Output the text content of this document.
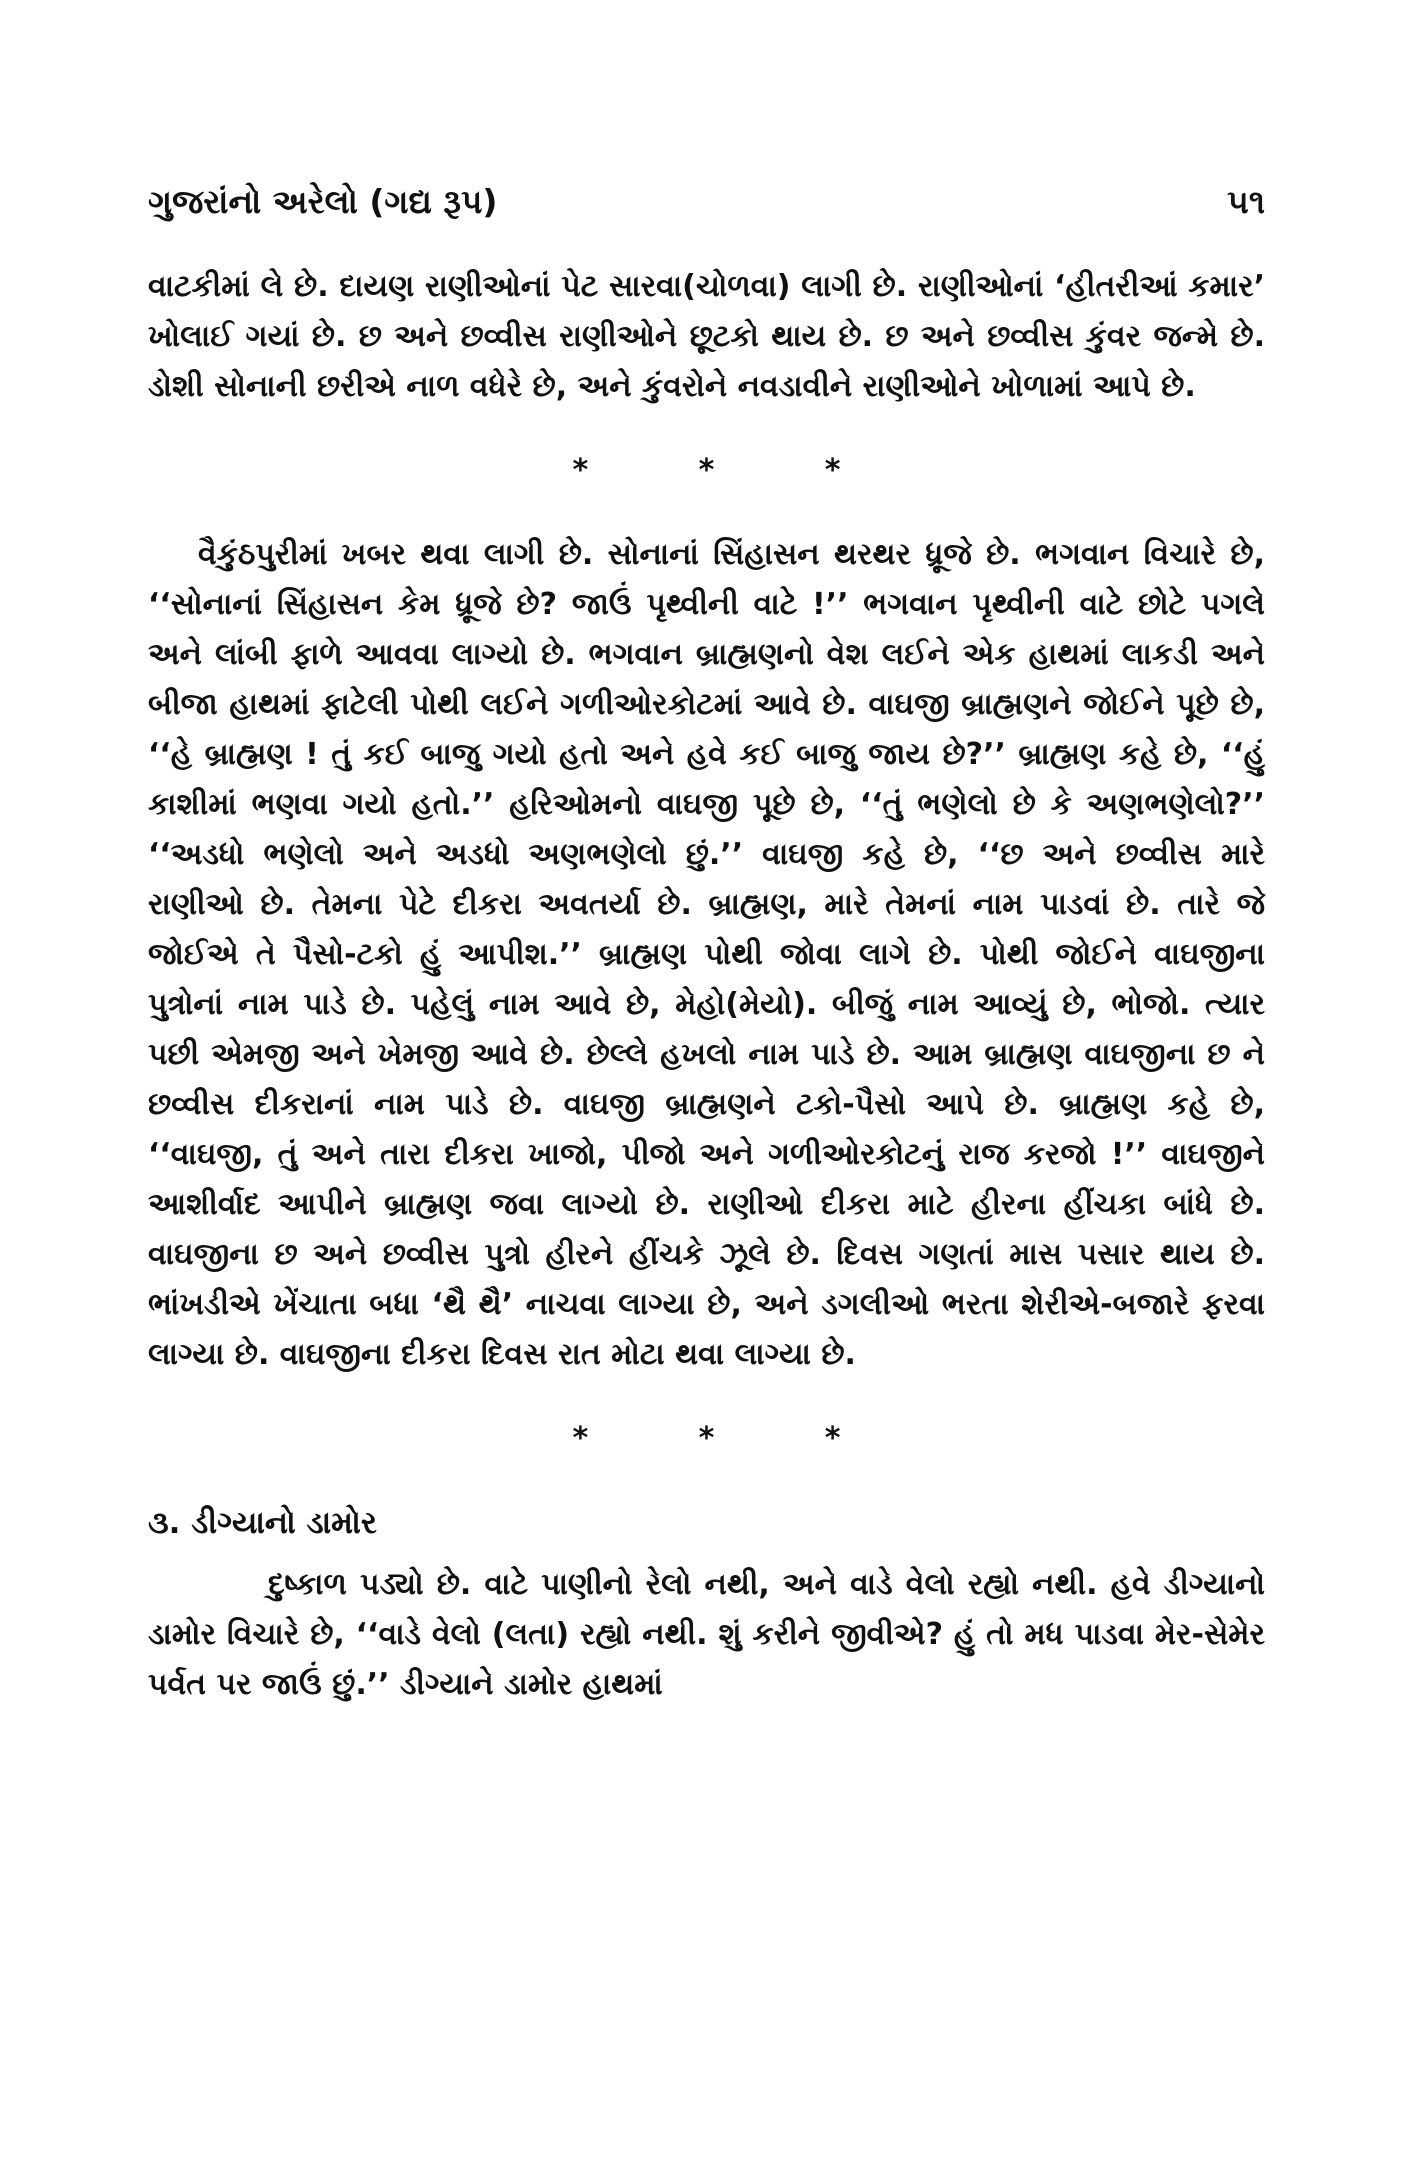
ગુજરાંનો અરેલો (ગદ્ય રૂપ)	૫૧

વાટકીમાં લે છે. દાયણ રાણીઓનાં પેટ સારવા(ચોળવા) લાગી છે. રાણીઓનાં ‘હીતરીઆં કમાર’ ખોલાઈ ગયાં છે. છ અને છવ્વીસ રાણીઓને છૂટકો થાય છે. છ અને છવ્વીસ કુંવર જન્મે છે. ડોશી સોનાની છરીએ નાળ વધેરે છે, અને કુંવરોને નવડાવીને રાણીઓને ખોળામાં આપે છે.

* * *

વૈકુંઠપુરીમાં ખબર થવા લાગી છે. સોનાનાં સિંહાસન થરથર ધ્રૂજે છે. ભગવાન વિચારે છે, ‘‘સોનાનાં સિંહાસન કેમ ધ્રૂજે છે? જાઉં પૃથ્વીની વાટે !’’ ભગવાન પૃથ્વીની વાટે છોટે પગલે અને લાંબી ફાળે આવવા લાગ્યો છે. ભગવાન બ્રાહ્મણનો વેશ લઈને એક હાથમાં લાકડી અને બીજા હાથમાં ફાટેલી પોથી લઈને ગળીઓરકોટમાં આવે છે. વાઘજી બ્રાહ્મણને જોઈને પૂછે છે, ‘‘હે બ્રાહ્મણ ! તું કઈ બાજુ ગયો હતો અને હવે કઈ બાજુ જાય છે?’’ બ્રાહ્મણ કહે છે, ‘‘હું કાશીમાં ભણવા ગયો હતો.’’ હરિઓમનો વાઘજી પૂછે છે, ‘‘તું ભણેલો છે કે અણભણેલો?’’ ‘‘અડધો ભણેલો અને અડધો અણભણેલો છું.’’ વાઘજી કહે છે, ‘‘છ અને છવ્વીસ મારે રાણીઓ છે. તેમના પેટે દીકરા અવતર્યા છે. બ્રાહ્મણ, મારે તેમનાં નામ પાડવાં છે. તારે જે જોઈએ તે પૈસો-ટકો હું આપીશ.’’ બ્રાહ્મણ પોથી જોવા લાગે છે. પોથી જોઈને વાઘજીના પુત્રોનાં નામ પાડે છે. પહેલું નામ આવે છે, મેહો(મેયો). બીજું નામ આવ્યું છે, ભોજો. ત્યાર પછી એમજી અને ખેમજી આવે છે. છેલ્લે હખલો નામ પાડે છે. આમ બ્રાહ્મણ વાઘજીના છ ને છવ્વીસ દીકરાનાં નામ પાડે છે. વાઘજી બ્રાહ્મણને ટકો-પૈસો આપે છે. બ્રાહ્મણ કહે છે, ‘‘વાઘજી, તું અને તારા દીકરા ખાજો, પીજો અને ગળીઓરકોટનું રાજ કરજો !’’ વાઘજીને આશીર્વાદ આપીને બ્રાહ્મણ જવા લાગ્યો છે. રાણીઓ દીકરા માટે હીરના હીંચકા બાંધે છે. વાઘજીના છ અને છવ્વીસ પુત્રો હીરને હીંચકે ઝૂલે છે. દિવસ ગણતાં માસ પસાર થાય છે. ભાંખડીએ ખેંચાતા બધા ‘થૈ થૈ’ નાચવા લાગ્યા છે, અને ડગલીઓ ભરતા શેરીએ-બજારે ફરવા લાગ્યા છે. વાઘજીના દીકરા દિવસ રાત મોટા થવા લાગ્યા છે.

* * *
૩. ડીગ્યાનો ડામોર

દુષ્કાળ પડ્યો છે. વાટે પાણીનો રેલો નથી, અને વાડે વેલો રહ્યો નથી. હવે ડીગ્યાનો ડામોર વિચારે છે, ‘‘વાડે વેલો (લતા) રહ્યો નથી. શું કરીને જીવીએ? હું તો મધ પાડવા મેર-સેમેર પર્વત પર જાઉં છું.’’ ડીગ્યાને ડામોર હાથમાં
